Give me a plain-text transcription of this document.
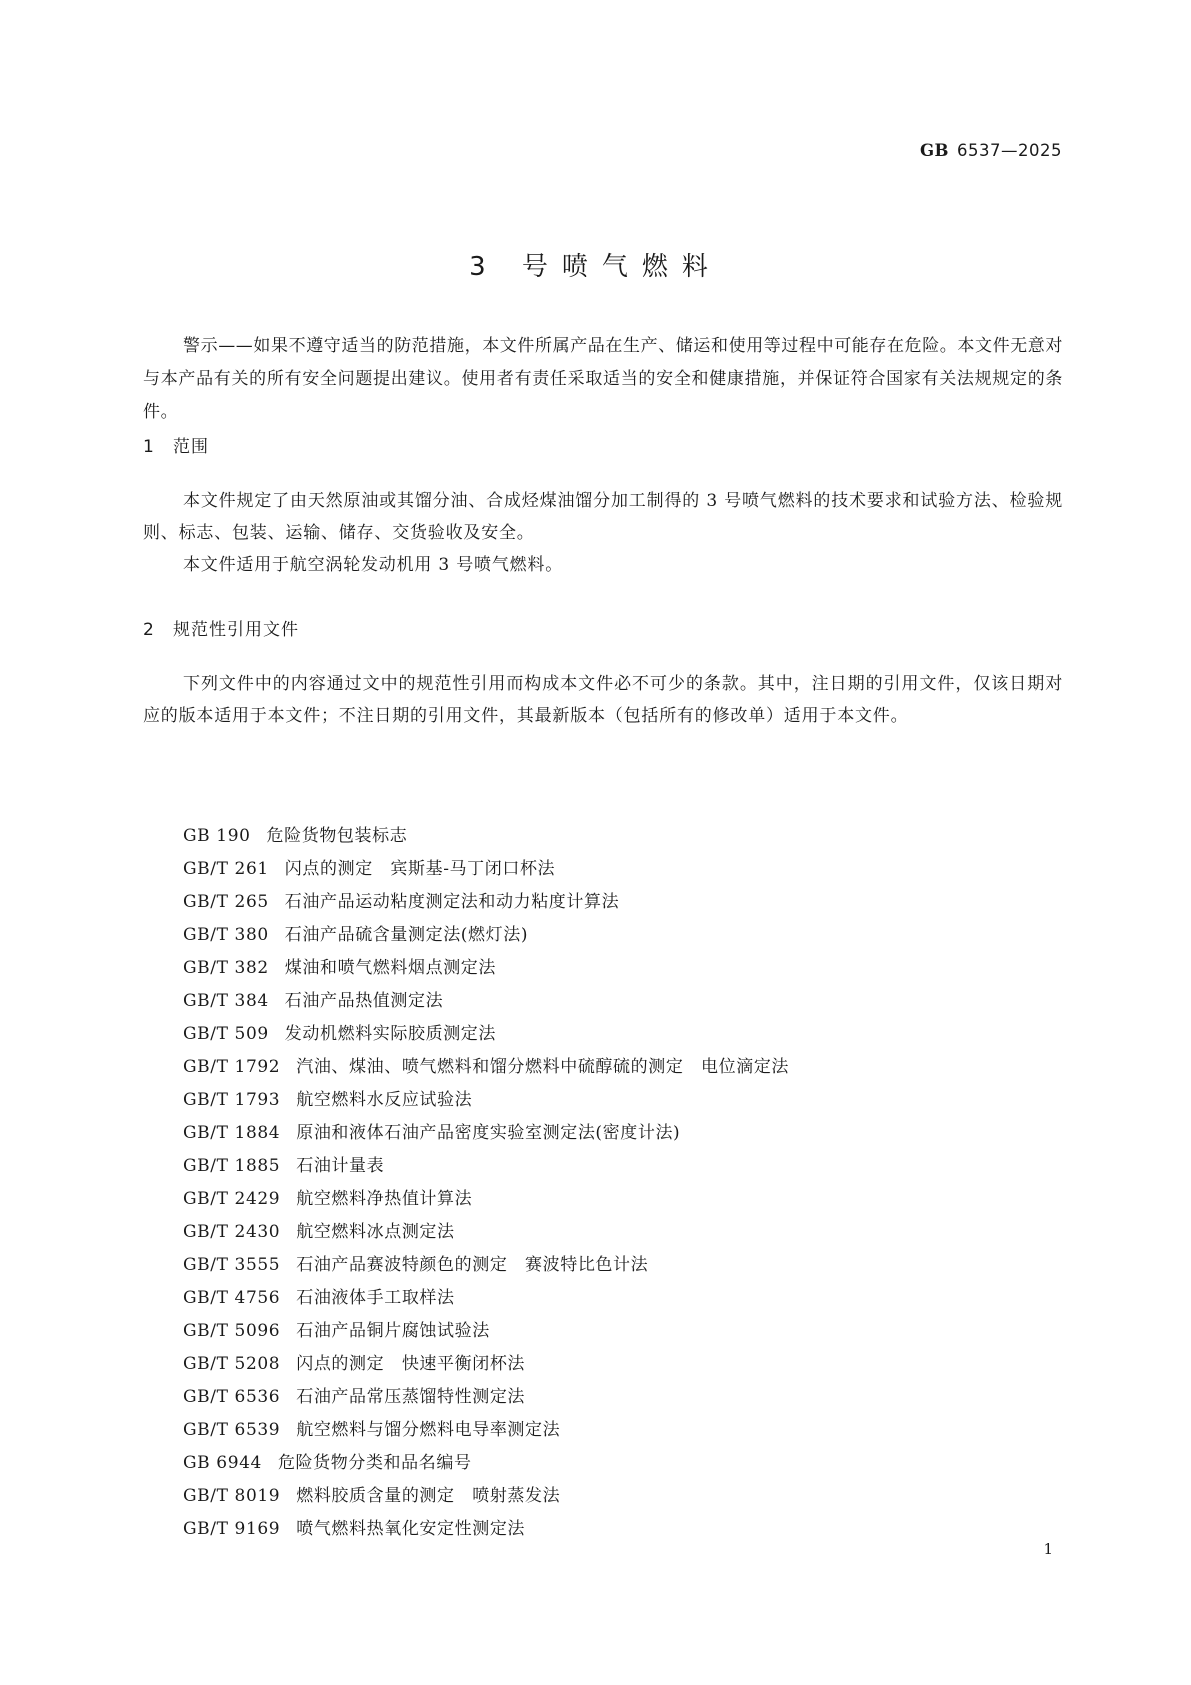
GB 6537—2025
3 号喷气燃料
警示——如果不遵守适当的防范措施，本文件所属产品在生产、储运和使用等过程中可能存在危险。本文件无意对与本产品有关的所有安全问题提出建议。使用者有责任采取适当的安全和健康措施，并保证符合国家有关法规规定的条件。
1 范围

本文件规定了由天然原油或其馏分油、合成烃煤油馏分加工制得的 3 号喷气燃料的技术要求和试验方法、检验规则、标志、包装、运输、储存、交货验收及安全。

本文件适用于航空涡轮发动机用 3 号喷气燃料。

2 规范性引用文件

下列文件中的内容通过文中的规范性引用而构成本文件必不可少的条款。其中，注日期的引用文件，仅该日期对应的版本适用于本文件；不注日期的引用文件，其最新版本（包括所有的修改单）适用于本文件。

GB 190 危险货物包装标志
GB/T 261 闪点的测定　宾斯基-马丁闭口杯法
GB/T 265 石油产品运动粘度测定法和动力粘度计算法
GB/T 380 石油产品硫含量测定法(燃灯法)
GB/T 382 煤油和喷气燃料烟点测定法
GB/T 384 石油产品热值测定法
GB/T 509 发动机燃料实际胶质测定法
GB/T 1792 汽油、煤油、喷气燃料和馏分燃料中硫醇硫的测定　电位滴定法
GB/T 1793 航空燃料水反应试验法
GB/T 1884 原油和液体石油产品密度实验室测定法(密度计法)
GB/T 1885 石油计量表
GB/T 2429 航空燃料净热值计算法
GB/T 2430 航空燃料冰点测定法
GB/T 3555 石油产品赛波特颜色的测定　赛波特比色计法
GB/T 4756 石油液体手工取样法
GB/T 5096 石油产品铜片腐蚀试验法
GB/T 5208 闪点的测定　快速平衡闭杯法
GB/T 6536 石油产品常压蒸馏特性测定法
GB/T 6539 航空燃料与馏分燃料电导率测定法
GB 6944 危险货物分类和品名编号
GB/T 8019 燃料胶质含量的测定　喷射蒸发法
GB/T 9169 喷气燃料热氧化安定性测定法
1
